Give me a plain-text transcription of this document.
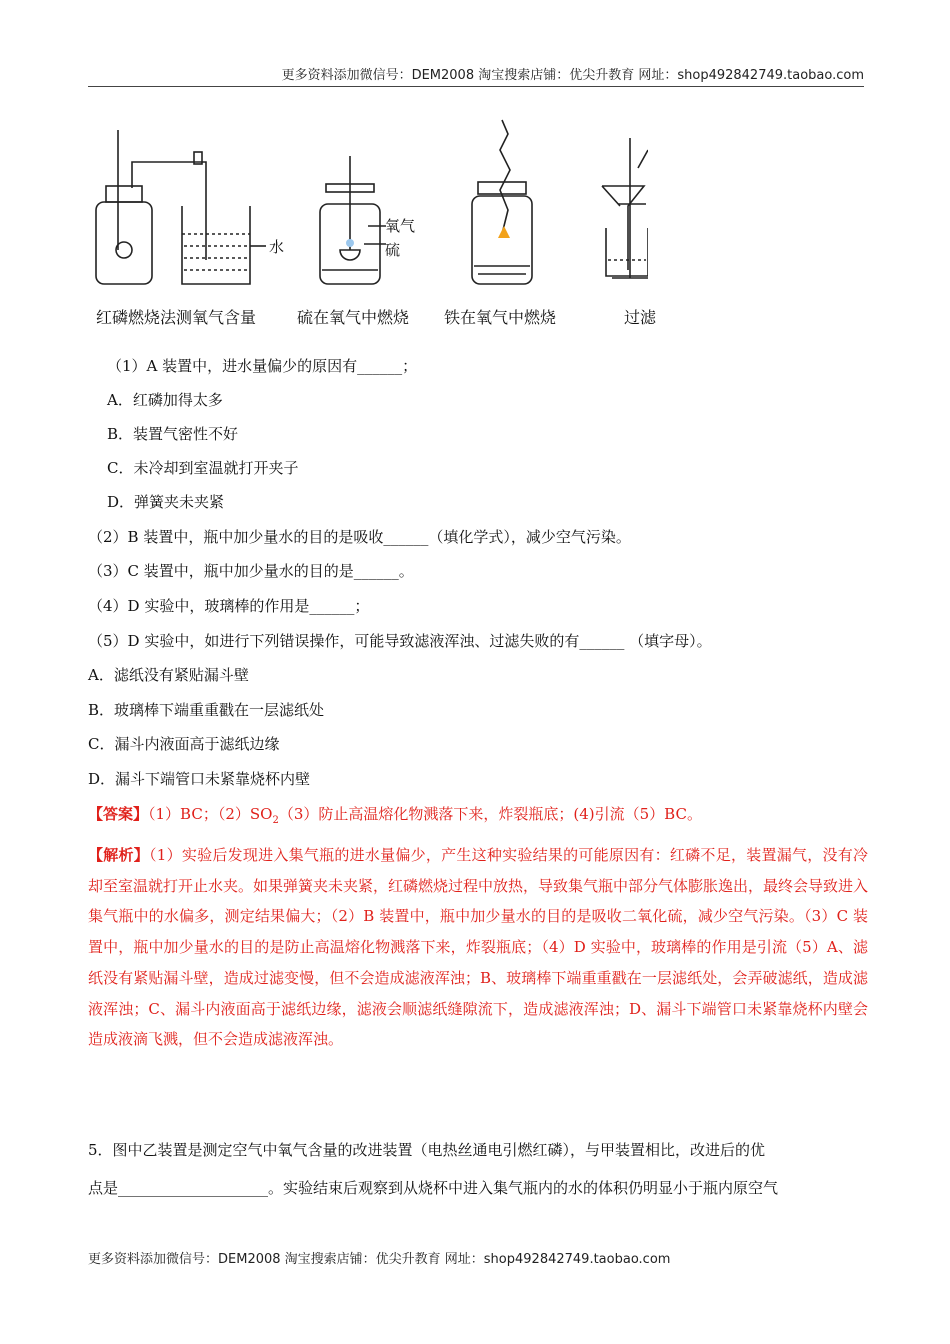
更多资料添加微信号：DEM2008 淘宝搜索店铺：优尖升教育 网址：shop492842749.taobao.com
水
氧气
硫
红磷燃烧法测氧气含量	硫在氧气中燃烧 铁在氧气中燃烧	过滤
（1）A 装置中，进水量偏少的原因有______；
A．红磷加得太多
B．装置气密性不好
C．未冷却到室温就打开夹子
D．弹簧夹未夹紧
（2）B 装置中，瓶中加少量水的目的是吸收______（填化学式），减少空气污染。
（3）C 装置中，瓶中加少量水的目的是______。
（4）D 实验中，玻璃棒的作用是______；
（5）D 实验中，如进行下列错误操作，可能导致滤液浑浊、过滤失败的有______ （填字母）。
A．滤纸没有紧贴漏斗壁
B．玻璃棒下端重重戳在一层滤纸处
C．漏斗内液面高于滤纸边缘
D．漏斗下端管口未紧靠烧杯内壁
【答案】（1）BC；$(2)SO_2(3)$防止高温熔化物溅落下来，炸裂瓶底；(4)引流（5）BC。
【解析】（1）实验后发现进入集气瓶的进水量偏少，产生这种实验结果的可能原因有：红磷不足，装置漏气，没有冷却至室温就打开止水夹。如果弹簧夹未夹紧，红磷燃烧过程中放热，导致集气瓶中部分气体膨胀逸出，最终会导致进入集气瓶中的水偏多，测定结果偏大；（2）B 装置中，瓶中加少量水的目的是吸收二氧化硫，减少空气污染。（3）C 装置中，瓶中加少量水的目的是防止高温熔化物溅落下来，炸裂瓶底；（4）D 实验中，玻璃棒的作用是引流（5）A、滤纸没有紧贴漏斗壁，造成过滤变慢，但不会造成滤液浑浊；B、玻璃棒下端重重戳在一层滤纸处，会弄破滤纸，造成滤液浑浊；C、漏斗内液面高于滤纸边缘，滤液会顺滤纸缝隙流下，造成滤液浑浊；D、漏斗下端管口未紧靠烧杯内壁会造成液滴飞溅，但不会造成滤液浑浊。
5．图中乙装置是测定空气中氧气含量的改进装置（电热丝通电引燃红磷），与甲装置相比，改进后的优
点是____________________。实验结束后观察到从烧杯中进入集气瓶内的水的体积仍明显小于瓶内原空气
更多资料添加微信号：DEM2008 淘宝搜索店铺：优尖升教育 网址：shop492842749.taobao.com
